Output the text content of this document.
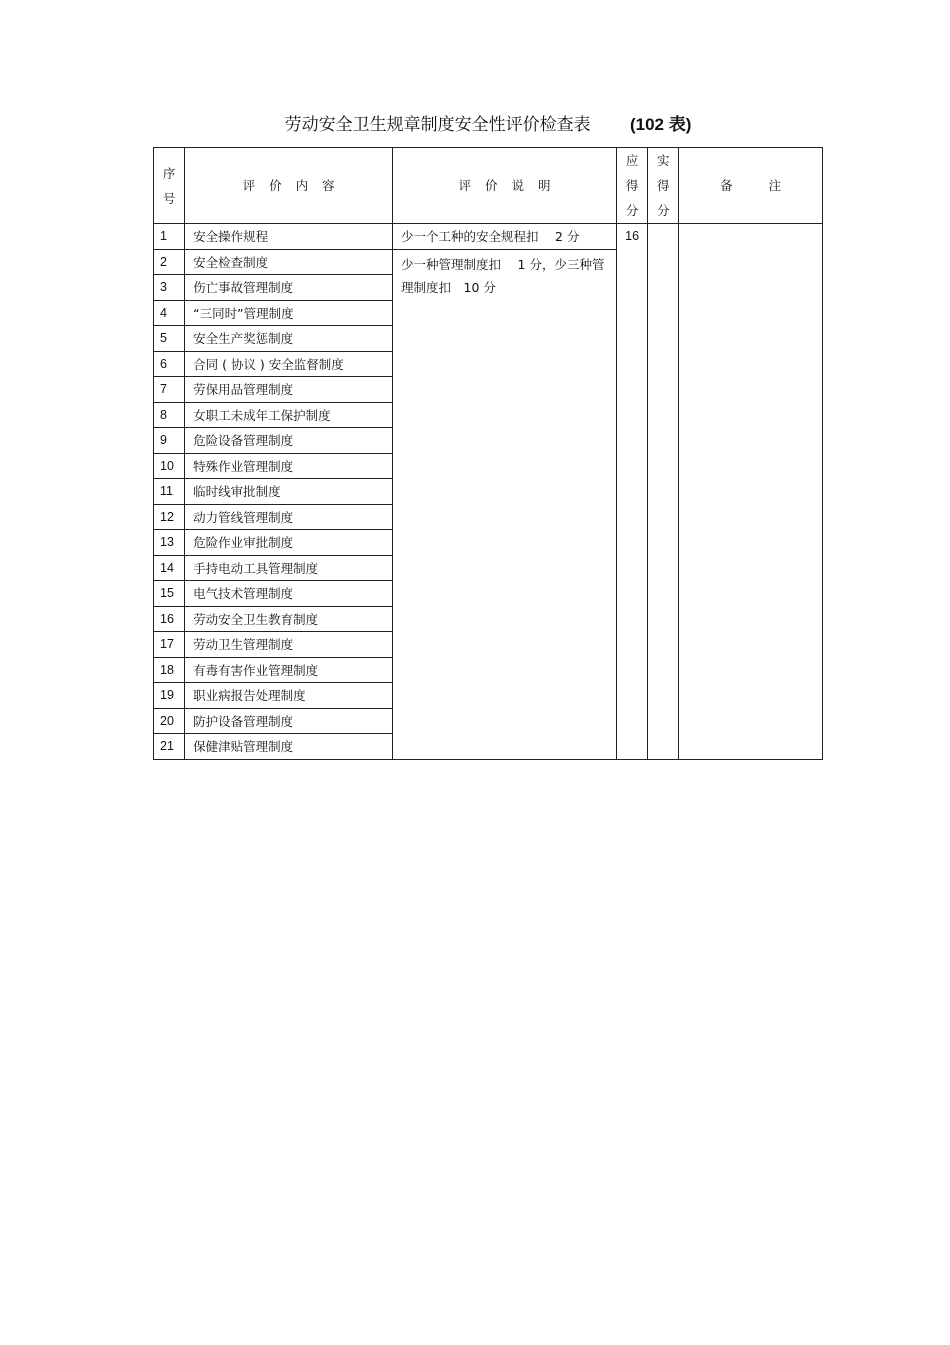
劳动安全卫生规章制度安全性评价检查表 (102 表)
序号	评价内容	评价说明	应得分	实得分	备注
1	安全操作规程	少一个工种的安全规程扣　 2 分	16		
2	安全检查制度	少一种管理制度扣　 1 分，少三种管理制度扣　10 分			
3	伤亡事故管理制度				
4	“三同时”管理制度				
5	安全生产奖惩制度				
6	合同 ( 协议 ) 安全监督制度				
7	劳保用品管理制度				
8	女职工未成年工保护制度				
9	危险设备管理制度				
10	特殊作业管理制度				
11	临时线审批制度				
12	动力管线管理制度				
13	危险作业审批制度				
14	手持电动工具管理制度				
15	电气技术管理制度				
16	劳动安全卫生教育制度				
17	劳动卫生管理制度				
18	有毒有害作业管理制度				
19	职业病报告处理制度				
20	防护设备管理制度				
21	保健津贴管理制度				
